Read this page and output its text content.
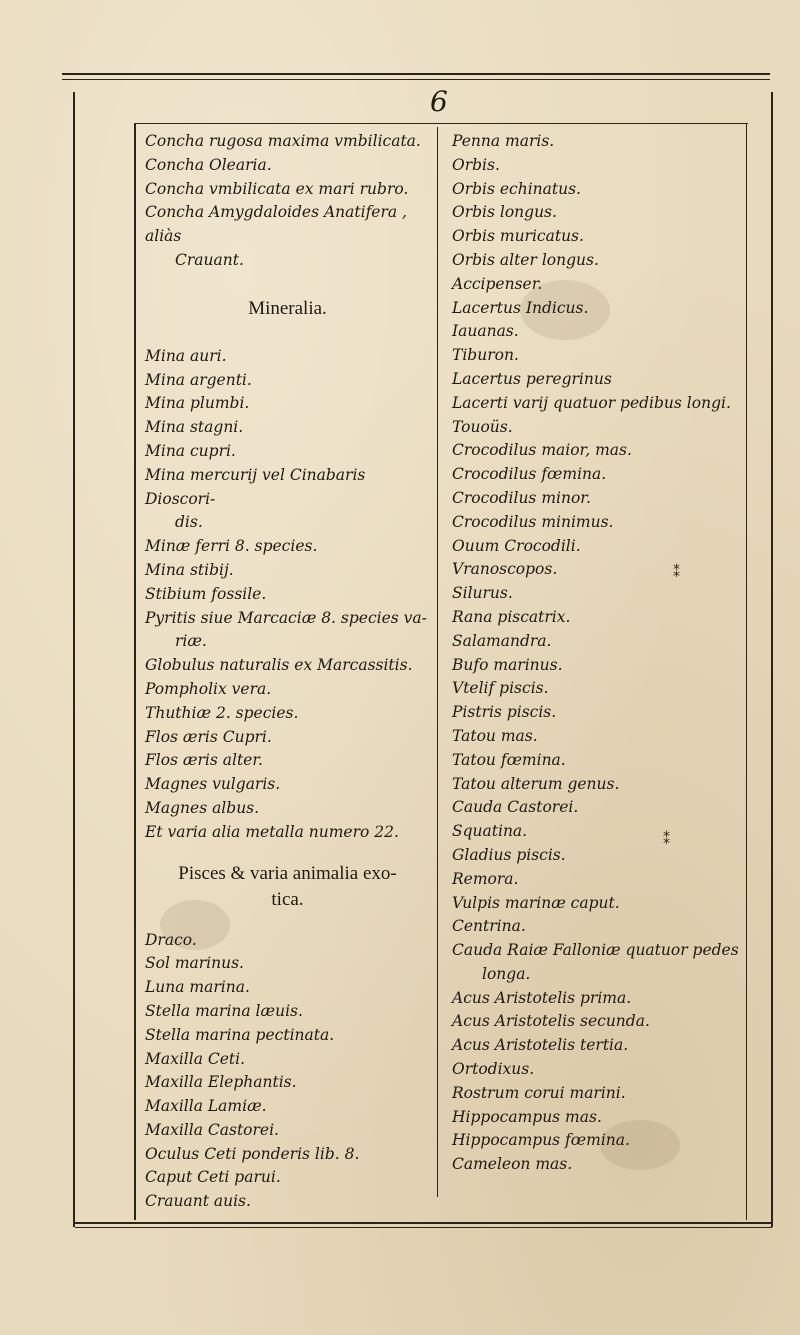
6
Concha rugosa maxima vmbilicata.
Concha Olearia.
Concha vmbilicata ex mari rubro.
Concha Amygdaloides Anatifera , aliàs
Crauant.
Mineralia.
Mina auri.
Mina argenti.
Mina plumbi.
Mina stagni.
Mina cupri.
Mina mercurij vel Cinabaris Dioscori-
dis.
Minæ ferri 8. species.
Mina stibij.
Stibium fossile.
Pyritis siue Marcaciæ 8. species va-
riæ.
Globulus naturalis ex Marcassitis.
Pompholix vera.
Thuthiæ 2. species.
Flos æris Cupri.
Flos æris alter.
Magnes vulgaris.
Magnes albus.
Et varia alia metalla numero 22.
Pisces & varia animalia exo-
tica.
Draco.
Sol marinus.
Luna marina.
Stella marina læuis.
Stella marina pectinata.
Maxilla Ceti.
Maxilla Elephantis.
Maxilla Lamiæ.
Maxilla Castorei.
Oculus Ceti ponderis lib. 8.
Caput Ceti parui.
Crauant auis.
Penna maris.
Orbis.
Orbis echinatus.
Orbis longus.
Orbis muricatus.
Orbis alter longus.
Accipenser.
Lacertus Indicus.
Iauanas.
Tiburon.
Lacertus peregrinus
Lacerti varij quatuor pedibus longi.
Touoüs.
Crocodilus maior, mas.
Crocodilus fœmina.
Crocodilus minor.
Crocodilus minimus.
Ouum Crocodili.
Vranoscopos.
Silurus.
Rana piscatrix.
Salamandra.
Bufo marinus.
Vtelif piscis.
Pistris piscis.
Tatou mas.
Tatou fœmina.
Tatou alterum genus.
Cauda Castorei.
Squatina.
Gladius piscis.
Remora.
Vulpis marinæ caput.
Centrina.
Cauda Raiæ Falloniæ quatuor pedes
longa.
Acus Aristotelis prima.
Acus Aristotelis secunda.
Acus Aristotelis tertia.
Ortodixus.
Rostrum corui marini.
Hippocampus mas.
Hippocampus fœmina.
Cameleon mas.
⁑
⁑
